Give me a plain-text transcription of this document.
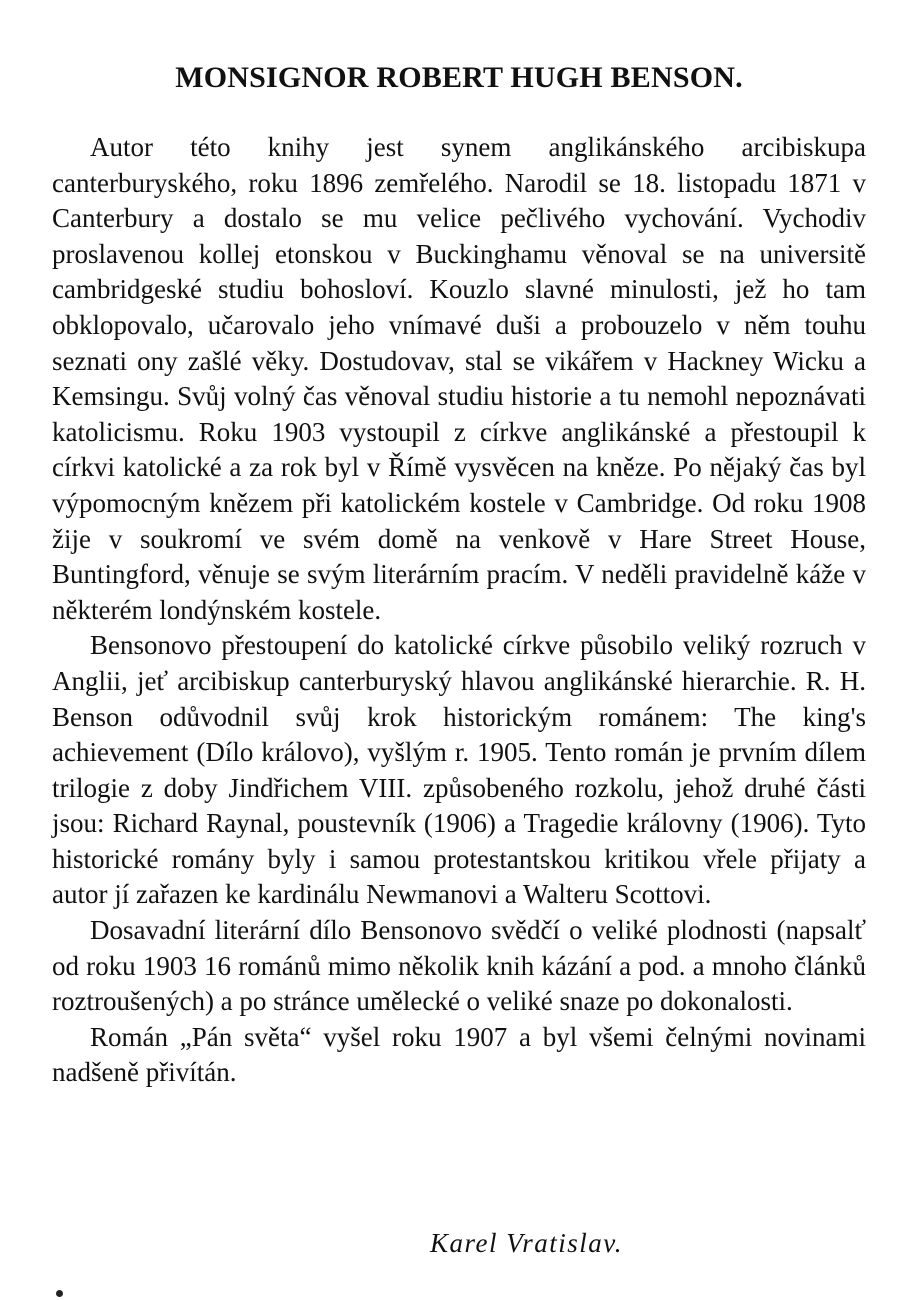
MONSIGNOR ROBERT HUGH BENSON.

Autor této knihy jest synem anglikánského arcibiskupa canterburyského, roku 1896 zemřelého. Narodil se 18. listopadu 1871 v Canterbury a dostalo se mu velice pečlivého vychování. Vychodiv proslavenou kollej etonskou v Buckinghamu věnoval se na universitě cambridgeské studiu bohosloví. Kouzlo slavné minulosti, jež ho tam obklopovalo, učarovalo jeho vnímavé duši a probouzelo v něm touhu seznati ony zašlé věky. Dostudovav, stal se vikářem v Hackney Wicku a Kemsingu. Svůj volný čas věnoval studiu historie a tu nemohl nepoznávati katolicismu. Roku 1903 vystoupil z církve anglikánské a přestoupil k církvi katolické a za rok byl v Římě vysvěcen na kněze. Po nějaký čas byl výpomocným knězem při katolickém kostele v Cambridge. Od roku 1908 žije v soukromí ve svém domě na venkově v Hare Street House, Buntingford, věnuje se svým literárním pracím. V neděli pravidelně káže v některém londýnském kostele.

Bensonovo přestoupení do katolické církve působilo veliký rozruch v Anglii, jeť arcibiskup canterburyský hlavou anglikánské hierarchie. R. H. Benson odůvodnil svůj krok historickým románem: The king's achievement (Dílo královo), vyšlým r. 1905. Tento román je prvním dílem trilogie z doby Jindřichem VIII. způsobeného rozkolu, jehož druhé části jsou: Richard Raynal, poustevník (1906) a Tragedie královny (1906). Tyto historické romány byly i samou protestantskou kritikou vřele přijaty a autor jí zařazen ke kardinálu Newmanovi a Walteru Scottovi.

Dosavadní literární dílo Bensonovo svědčí o veliké plodnosti (napsalť od roku 1903 16 románů mimo několik knih kázání a pod. a mnoho článků roztroušených) a po stránce umělecké o veliké snaze po dokonalosti.

Román „Pán světa“ vyšel roku 1907 a byl všemi čelnými novinami nadšeně přivítán.

Karel Vratislav.
